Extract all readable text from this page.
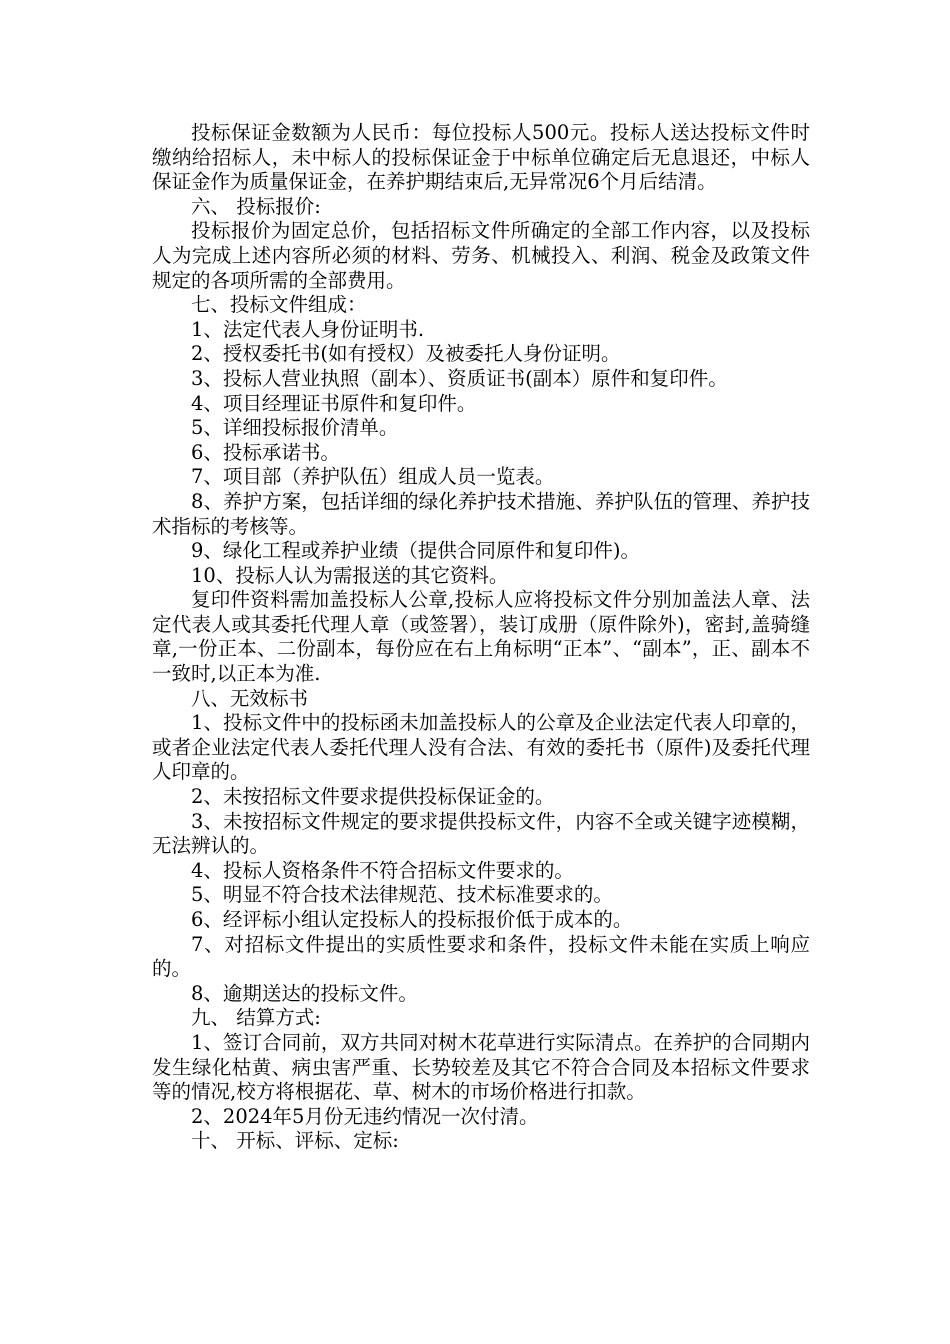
投标保证金数额为人民币：每位投标人500元。投标人送达投标文件时缴纳给招标人，未中标人的投标保证金于中标单位确定后无息退还，中标人保证金作为质量保证金，在养护期结束后,无异常况6个月后结清。

六、 投标报价:

投标报价为固定总价，包括招标文件所确定的全部工作内容，以及投标人为完成上述内容所必须的材料、劳务、机械投入、利润、税金及政策文件规定的各项所需的全部费用。

七、投标文件组成：

1、法定代表人身份证明书.

2、授权委托书(如有授权）及被委托人身份证明。

3、投标人营业执照（副本）、资质证书(副本）原件和复印件。

4、项目经理证书原件和复印件。

5、详细投标报价清单。

6、投标承诺书。

7、项目部（养护队伍）组成人员一览表。

8、养护方案，包括详细的绿化养护技术措施、养护队伍的管理、养护技术指标的考核等。

9、绿化工程或养护业绩（提供合同原件和复印件)。

10、投标人认为需报送的其它资料。

复印件资料需加盖投标人公章,投标人应将投标文件分别加盖法人章、法定代表人或其委托代理人章（或签署），装订成册（原件除外)，密封,盖骑缝章,一份正本、二份副本，每份应在右上角标明“正本”、“副本”，正、副本不一致时,以正本为准.

八、无效标书

1、投标文件中的投标函未加盖投标人的公章及企业法定代表人印章的，或者企业法定代表人委托代理人没有合法、有效的委托书（原件)及委托代理人印章的。

2、未按招标文件要求提供投标保证金的。

3、未按招标文件规定的要求提供投标文件，内容不全或关键字迹模糊，无法辨认的。

4、投标人资格条件不符合招标文件要求的。

5、明显不符合技术法律规范、技术标准要求的。

6、经评标小组认定投标人的投标报价低于成本的。

7、对招标文件提出的实质性要求和条件，投标文件未能在实质上响应的。

8、逾期送达的投标文件。

九、 结算方式:

1、签订合同前，双方共同对树木花草进行实际清点。在养护的合同期内发生绿化枯黄、病虫害严重、长势较差及其它不符合合同及本招标文件要求等的情况,校方将根据花、草、树木的市场价格进行扣款。

2、2024年5月份无违约情况一次付清。

十、 开标、评标、定标:
